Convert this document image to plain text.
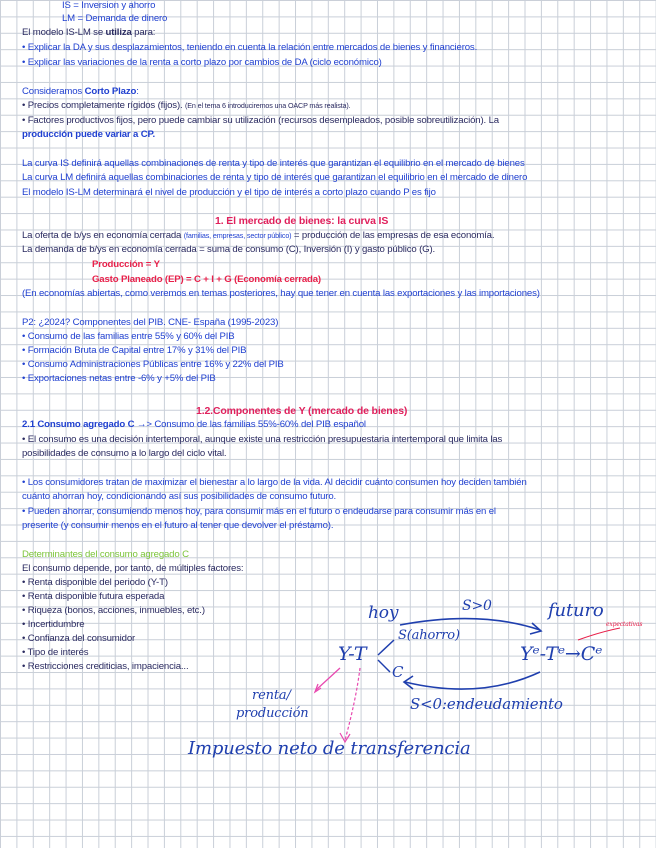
IS = Inversion y ahorro
LM = Demanda de dinero
El modelo IS-LM se utiliza para:
• Explicar la DA y sus desplazamientos, teniendo en cuenta la relación entre mercados de bienes y financieros.
• Explicar las variaciones de la renta a corto plazo por cambios de DA (ciclo económico)
Consideramos Corto Plazo:
• Precios completamente rígidos (fijos). (En el tema 6 introduciremos una OACP más realista).
• Factores productivos fijos, pero puede cambiar su utilización (recursos desempleados, posible sobreutilización). La
producción puede variar a CP.
La curva IS definirá aquellas combinaciones de renta y tipo de interés que garantizan el equilibrio en el mercado de bienes
La curva LM definirá aquellas combinaciones de renta y tipo de interés que garantizan el equilibrio en el mercado de dinero
El modelo IS-LM determinará el nivel de producción y el tipo de interés a corto plazo cuando P es fijo
1. El mercado de bienes: la curva IS
La oferta de b/ys en economía cerrada (familias, empresas, sector público) = producción de las empresas de esa economía.
La demanda de b/ys en economía cerrada = suma de consumo (C), Inversión (I) y gasto público (G).
Producción = Y
Gasto Planeado (EP) = C + I + G (Economía cerrada)
(En economías abiertas, como veremos en temas posteriores, hay que tener en cuenta las exportaciones y las importaciones)
P2: ¿2024? Componentes del PIB. CNE- España (1995-2023)
• Consumo de las familias entre 55% y 60% del PIB
• Formación Bruta de Capital entre 17% y 31% del PIB
• Consumo Administraciones Públicas entre 16% y 22% del PIB
• Exportaciones netas entre -6% y +5% del PIB
1.2.Componentes de Y (mercado de bienes)
2.1 Consumo agregado C →> Consumo de las familias 55%-60% del PIB español
• El consumo es una decisión intertemporal, aunque existe una restricción presupuestaria intertemporal que limita las
posibilidades de consumo a lo largo del ciclo vital.
• Los consumidores tratan de maximizar el bienestar a lo largo de la vida. Al decidir cuánto consumen hoy deciden también
cuánto ahorran hoy, condicionando así sus posibilidades de consumo futuro.
• Pueden ahorrar, consumiendo menos hoy, para consumir más en el futuro o endeudarse para consumir más en el
presente (y consumir menos en el futuro al tener que devolver el préstamo).
Determinantes del consumo agregado C
El consumo depende, por tanto, de múltiples factores:
• Renta disponible del periodo (Y-T)
• Renta disponible futura esperada
• Riqueza (bonos, acciones, inmuebles, etc.)
• Incertidumbre
• Confianza del consumidor
• Tipo de interés
• Restricciones crediticias, impaciencia...
hoy	S>0	futuro
expectativas
S(ahorro)
Y-T
C
Yᵉ-Tᵉ→Cᵉ
S<0:endeudamiento
renta/
producción
Impuesto neto de transferencia
